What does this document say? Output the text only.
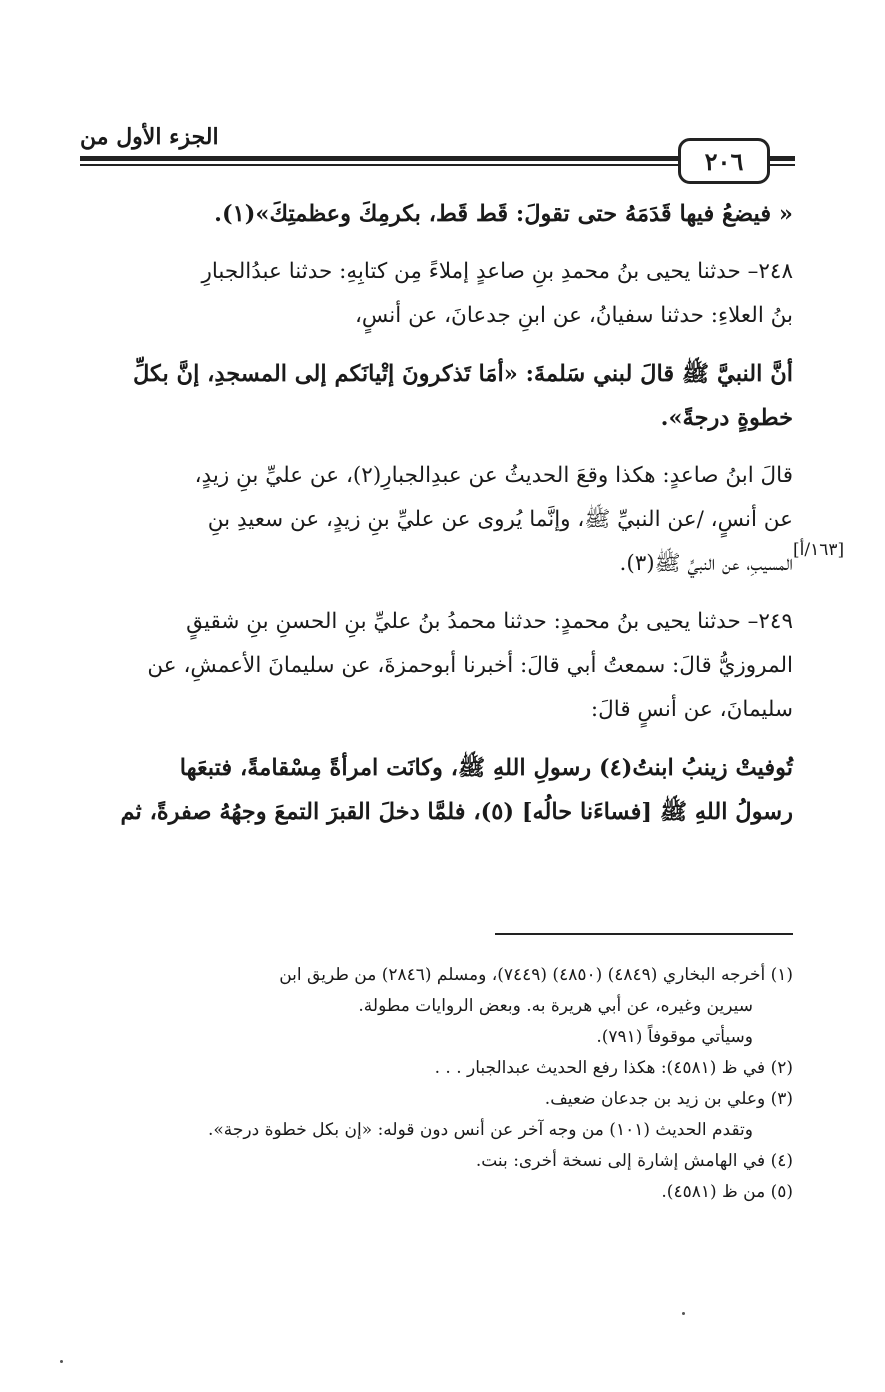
الجزء الأول من
٢٠٦

« فيضعُ فيها قَدَمَهُ حتى تقولَ: قَط قَط، بكرمِكَ وعظمتِكَ»(١).

٢٤٨– حدثنا يحيى بنُ محمدِ بنِ صاعدٍ إملاءً مِن كتابِهِ: حدثنا عبدُالجبارِ
بنُ العلاءِ: حدثنا سفيانُ، عن ابنِ جدعانَ، عن أنسٍ،

أنَّ النبيَّ ﷺ قالَ لبني سَلمةَ: «أمَا تَذكرونَ إتْيانَكم إلى المسجدِ، إنَّ بكلِّ
خطوةٍ درجةً».

قالَ ابنُ صاعدٍ: هكذا وقعَ الحديثُ عن عبدِالجبارِ(٢)، عن عليِّ بنِ زيدٍ،
عن أنسٍ، /عن النبيِّ ﷺ، وإنَّما يُروى عن عليِّ بنِ زيدٍ، عن سعيدِ بنِ
المسيبِ، عن النبيِّ ﷺ(٣).

٢٤٩– حدثنا يحيى بنُ محمدٍ: حدثنا محمدُ بنُ عليِّ بنِ الحسنِ بنِ شقيقٍ
المروزيُّ قالَ: سمعتُ أبي قالَ: أخبرنا أبوحمزةَ، عن سليمانَ الأعمشِ، عن
سليمانَ، عن أنسٍ قالَ:

تُوفيتْ زينبُ ابنتُ(٤) رسولِ اللهِ ﷺ، وكانَت امرأةً مِسْقامةً، فتبعَها
رسولُ اللهِ ﷺ [فساءَنا حالُه] (٥)، فلمَّا دخلَ القبرَ التمعَ وجهُهُ صفرةً، ثم

[١٦٣/أ]

(١) أخرجه البخاري (٤٨٤٩) (٤٨٥٠) (٧٤٤٩)، ومسلم (٢٨٤٦) من طريق ابن

سيرين وغيره، عن أبي هريرة به. وبعض الروايات مطولة.

وسيأتي موقوفاً (٧٩١).

(٢) في ظ (٤٥٨١): هكذا رفع الحديث عبدالجبار . . .

(٣) وعلي بن زيد بن جدعان ضعيف.

وتقدم الحديث (١٠١) من وجه آخر عن أنس دون قوله: «إن بكل خطوة درجة».

(٤) في الهامش إشارة إلى نسخة أخرى: بنت.

(٥) من ظ (٤٥٨١).
